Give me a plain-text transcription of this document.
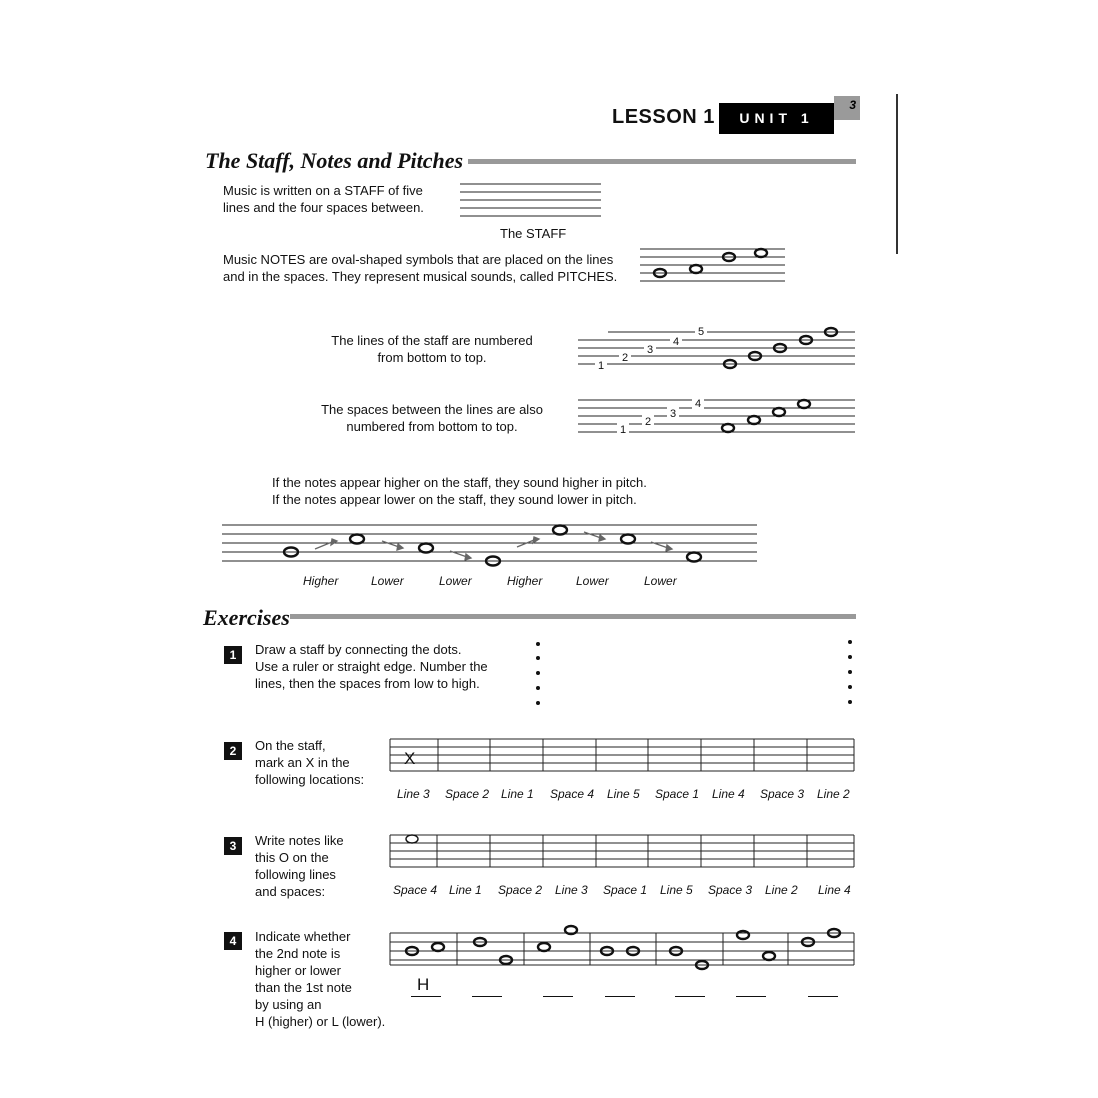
LESSON 1	UNIT 1
3
The Staff, Notes and Pitches
Music is written on a STAFF of five
lines and the four spaces between.
The STAFF
Music NOTES are oval-shaped symbols that are placed on the lines
and in the spaces. They represent musical sounds, called PITCHES.
The lines of the staff are numbered
from bottom to top.
1
2
3
4
5
The spaces between the lines are also
numbered from bottom to top.	1
2
3
4
If the notes appear higher on the staff, they sound higher in pitch.
If the notes appear lower on the staff, they sound lower in pitch.
Higher	Lower	Lower	Higher	Lower	Lower
Exercises
1	Draw a staff by connecting the dots.
Use a ruler or straight edge. Number the
lines, then the spaces from low to high.
2	On the staff,
mark an X in the
following locations:
X
Line 3 Space 2 Line 1 Space 4 Line 5 Space 1 Line 4 Space 3 Line 2
3	Write notes like
this O on the
following lines
and spaces:	Space 4 Line 1 Space 2 Line 3 Space 1 Line 5 Space 3 Line 2 Line 4
4	Indicate whether
the 2nd note is
higher or lower
than the 1st note
by using an
H (higher) or L (lower).
H
